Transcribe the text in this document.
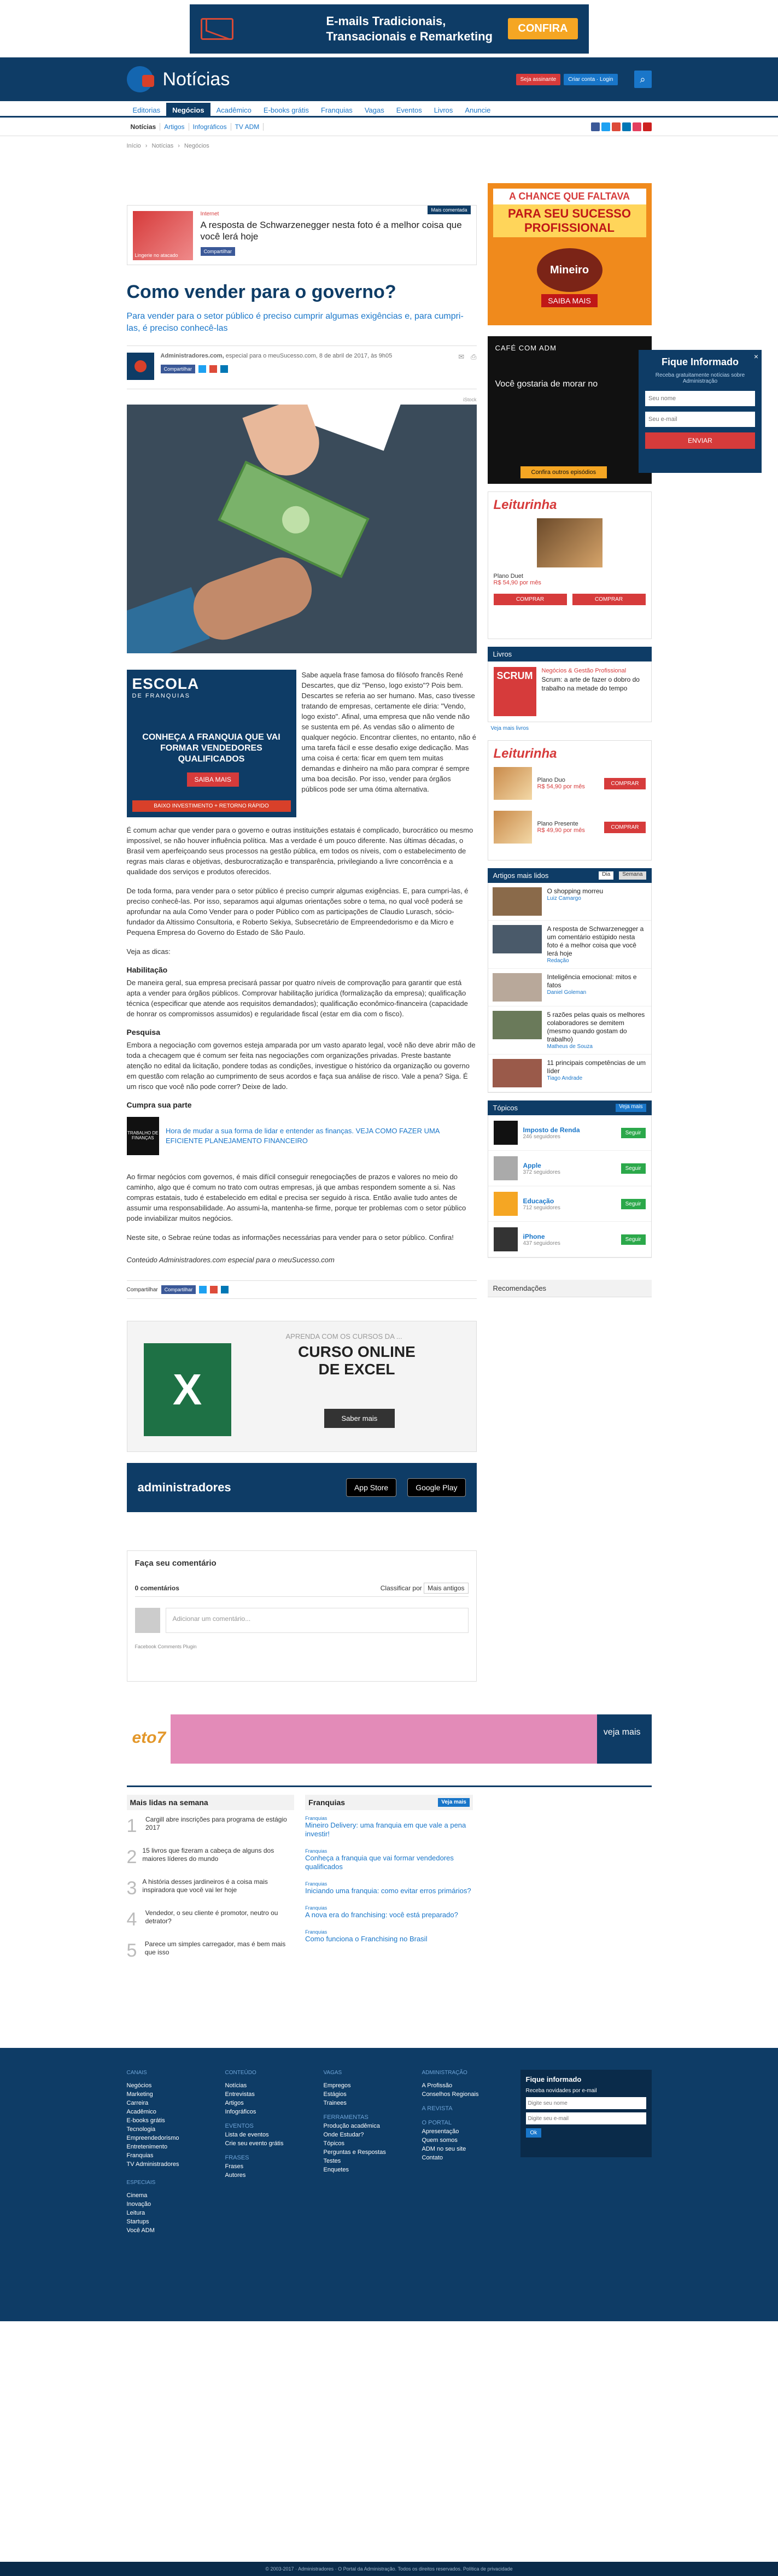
E-mails Tradicionais,
Transacionais e Remarketing
CONFIRA
Notícias	Seja assinante	Criar conta · Login	⌕
Editorias	Negócios	Acadêmico	E-books grátis	Franquias	Vagas	Eventos	Livros	Anuncie
Notícias	Artigos	Infográficos	TV ADM
Início › Notícias › Negócios
Mais comentada
Lingerie no atacado
Internet
A resposta de Schwarzenegger nesta foto é a melhor coisa que você lerá hoje
Compartilhar
Como vender para o governo?
Para vender para o setor público é preciso cumprir algumas exigências e, para cumpri-las, é preciso conhecê-las
Administradores.com, especial para o meuSucesso.com, 8 de abril de 2017, às 9h05
Compartilhar
✉ ⎙
iStock
ESCOLA
DE FRANQUIAS
CONHEÇA A FRANQUIA QUE VAI FORMAR VENDEDORES QUALIFICADOS
SAIBA MAIS
BAIXO INVESTIMENTO + RETORNO RÁPIDO
Sabe aquela frase famosa do filósofo francês René Descartes, que diz "Penso, logo existo"? Pois bem. Descartes se referia ao ser humano. Mas, caso tivesse tratando de empresas, certamente ele diria: "Vendo, logo existo". Afinal, uma empresa que não vende não se sustenta em pé. As vendas são o alimento de qualquer negócio. Encontrar clientes, no entanto, não é uma tarefa fácil e esse desafio exige dedicação. Mas uma coisa é certa: ficar em quem tem muitas demandas e dinheiro na mão para comprar é sempre uma boa decisão. Por isso, vender para órgãos públicos pode ser uma ótima alternativa.
É comum achar que vender para o governo e outras instituições estatais é complicado, burocrático ou mesmo impossível, se não houver influência política. Mas a verdade é um pouco diferente. Nas últimas décadas, o Brasil vem aperfeiçoando seus processos na gestão pública, em todos os níveis, com o estabelecimento de regras mais claras e objetivas, desburocratização e transparência, privilegiando a livre concorrência e a qualidade dos serviços e produtos oferecidos.
De toda forma, para vender para o setor público é preciso cumprir algumas exigências. E, para cumpri-las, é preciso conhecê-las. Por isso, separamos aqui algumas orientações sobre o tema, no qual você poderá se aprofundar na aula Como Vender para o poder Público com as participações de Claudio Lurasch, sócio-fundador da Altissimo Consultoria, e Roberto Sekiya, Subsecretário de Empreendedorismo e da Micro e Pequena Empresa do Governo do Estado de São Paulo.
Veja as dicas:
Habilitação
De maneira geral, sua empresa precisará passar por quatro níveis de comprovação para garantir que está apta a vender para órgãos públicos. Comprovar habilitação jurídica (formalização da empresa); qualificação técnica (especificar que atende aos requisitos demandados); qualificação econômico-financeira (capacidade de honrar os compromissos assumidos) e regularidade fiscal (estar em dia com o fisco).
Pesquisa
Embora a negociação com governos esteja amparada por um vasto aparato legal, você não deve abrir mão de toda a checagem que é comum ser feita nas negociações com organizações privadas. Preste bastante atenção no edital da licitação, pondere todas as condições, investigue o histórico da organização ou governo em questão com relação ao cumprimento de seus acordos e faça sua análise de risco. Vale a pena? Siga. É um risco que você não pode correr? Deixe de lado.
Cumpra sua parte
TRABALHO DE FINANÇAS
Hora de mudar a sua forma de lidar e entender as finanças. VEJA COMO FAZER UMA EFICIENTE PLANEJAMENTO FINANCEIRO
Ao firmar negócios com governos, é mais difícil conseguir renegociações de prazos e valores no meio do caminho, algo que é comum no trato com outras empresas, já que ambas respondem somente a si. Nas compras estatais, tudo é estabelecido em edital e precisa ser seguido à risca. Então avalie tudo antes de assumir uma responsabilidade. Ao assumi-la, mantenha-se firme, porque ter problemas com o setor público pode inviabilizar muitos negócios.
Neste site, o Sebrae reúne todas as informações necessárias para vender para o setor público. Confira!
Conteúdo Administradores.com especial para o meuSucesso.com
Compartilhar	Compartilhar
X
APRENDA COM OS CURSOS DA ...
CURSO ONLINE DE EXCEL
Saber mais
administradores	App Store	Google Play
Faça seu comentário
0 comentários	Classificar por Mais antigos
Adicionar um comentário...
Facebook Comments Plugin
A CHANCE QUE FALTAVA
PARA SEU SUCESSO PROFISSIONAL
Mineiro
SAIBA MAIS
CAFÉ COM ADM
Você gostaria de morar no
Confira outros episódios
Leiturinha
Plano Duet
R$ 54,90 por mês
COMPRAR	COMPRAR
Livros
SCRUM	Negócios & Gestão Profissional
Scrum: a arte de fazer o dobro do trabalho na metade do tempo
Veja mais livros
Leiturinha
Plano Duo
R$ 54,90 por mês	COMPRAR
Plano Presente
R$ 49,90 por mês	COMPRAR
Artigos mais lidos	Dia	Semana
O shopping morreu
Luiz Camargo
A resposta de Schwarzenegger a um comentário estúpido nesta foto é a melhor coisa que você lerá hoje
Redação
Inteligência emocional: mitos e fatos
Daniel Goleman
5 razões pelas quais os melhores colaboradores se demitem (mesmo quando gostam do trabalho)
Matheus de Souza
11 principais competências de um líder
Tiago Andrade
Tópicos	Veja mais
Imposto de Renda
246 seguidores
Seguir
Apple
372 seguidores
Seguir
Educação
712 seguidores
Seguir
iPhone
437 seguidores
Seguir
Recomendações
eto7	veja mais
Mais lidas na semana
1	Cargill abre inscrições para programa de estágio 2017
2 15 livros que fizeram a cabeça de alguns dos maiores líderes do mundo
3 A história desses jardineiros é a coisa mais inspiradora que você vai ler hoje
4	Vendedor, o seu cliente é promotor, neutro ou detrator?
5	Parece um simples carregador, mas é bem mais que isso
Franquias	Veja mais
Franquias
Mineiro Delivery: uma franquia em que vale a pena investir!
Franquias
Conheça a franquia que vai formar vendedores qualificados
Franquias
Iniciando uma franquia: como evitar erros primários?
Franquias
A nova era do franchising: você está preparado?
Franquias
Como funciona o Franchising no Brasil
CANAIS
Negócios
Marketing
Carreira
Acadêmico
E-books grátis
Tecnologia
Empreendedorismo
Entretenimento
Franquias
TV Administradores
ESPECIAIS
Cinema
Inovação
Leitura
Startups
Você ADM
CONTEÚDO
Notícias
Entrevistas
Artigos
Infográficos
EVENTOS
Lista de eventos
Crie seu evento grátis
FRASES
Frases
Autores
VAGAS
Empregos
Estágios
Trainees
FERRAMENTAS
Produção acadêmica
Onde Estudar?
Tópicos
Perguntas e Respostas
Testes
Enquetes
ADMINISTRAÇÃO
A Profissão
Conselhos Regionais
A REVISTA
O PORTAL
Apresentação
Quem somos
ADM no seu site
Contato
Fique informado
Receba novidades por e-mail
Digite seu nome Digite seu e-mail Ok
© 2003-2017 · Administradores · O Portal da Administração. Todos os direitos reservados. Política de privacidade
×
Fique Informado
Receba gratuitamente notícias sobre Administração
Seu nome Seu e-mail
ENVIAR
